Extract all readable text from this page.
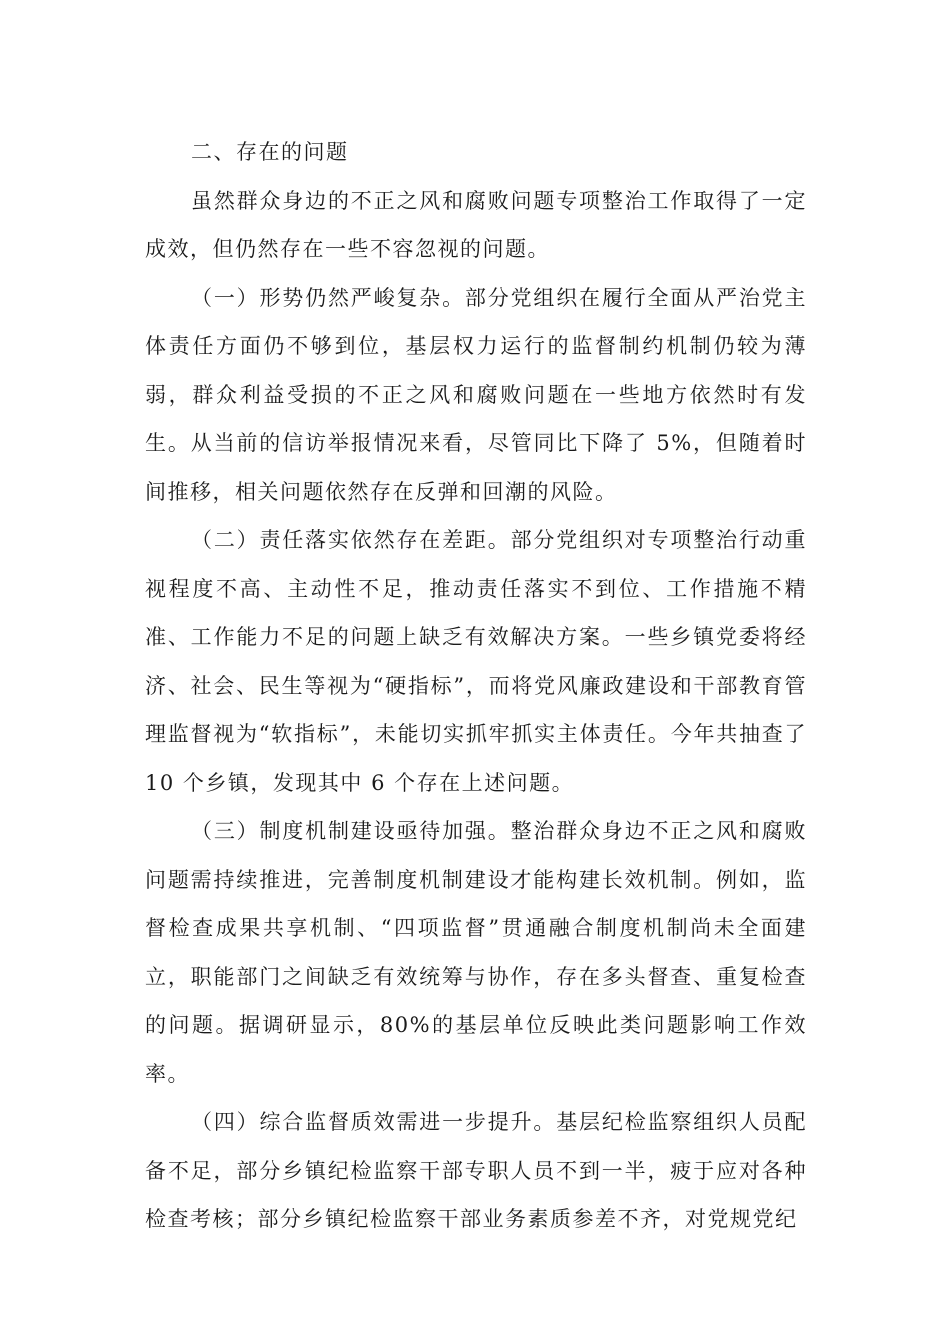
二、存在的问题

虽然群众身边的不正之风和腐败问题专项整治工作取得了一定成效，但仍然存在一些不容忽视的问题。

（一）形势仍然严峻复杂。部分党组织在履行全面从严治党主体责任方面仍不够到位，基层权力运行的监督制约机制仍较为薄弱，群众利益受损的不正之风和腐败问题在一些地方依然时有发生。从当前的信访举报情况来看，尽管同比下降了 5%，但随着时间推移，相关问题依然存在反弹和回潮的风险。

（二）责任落实依然存在差距。部分党组织对专项整治行动重视程度不高、主动性不足，推动责任落实不到位、工作措施不精准、工作能力不足的问题上缺乏有效解决方案。一些乡镇党委将经济、社会、民生等视为“硬指标”，而将党风廉政建设和干部教育管理监督视为“软指标”，未能切实抓牢抓实主体责任。今年共抽查了10 个乡镇，发现其中 6 个存在上述问题。

（三）制度机制建设亟待加强。整治群众身边不正之风和腐败问题需持续推进，完善制度机制建设才能构建长效机制。例如，监督检查成果共享机制、“四项监督”贯通融合制度机制尚未全面建立，职能部门之间缺乏有效统筹与协作，存在多头督查、重复检查的问题。据调研显示，80%的基层单位反映此类问题影响工作效率。

（四）综合监督质效需进一步提升。基层纪检监察组织人员配备不足，部分乡镇纪检监察干部专职人员不到一半，疲于应对各种检查考核；部分乡镇纪检监察干部业务素质参差不齐，对党规党纪
